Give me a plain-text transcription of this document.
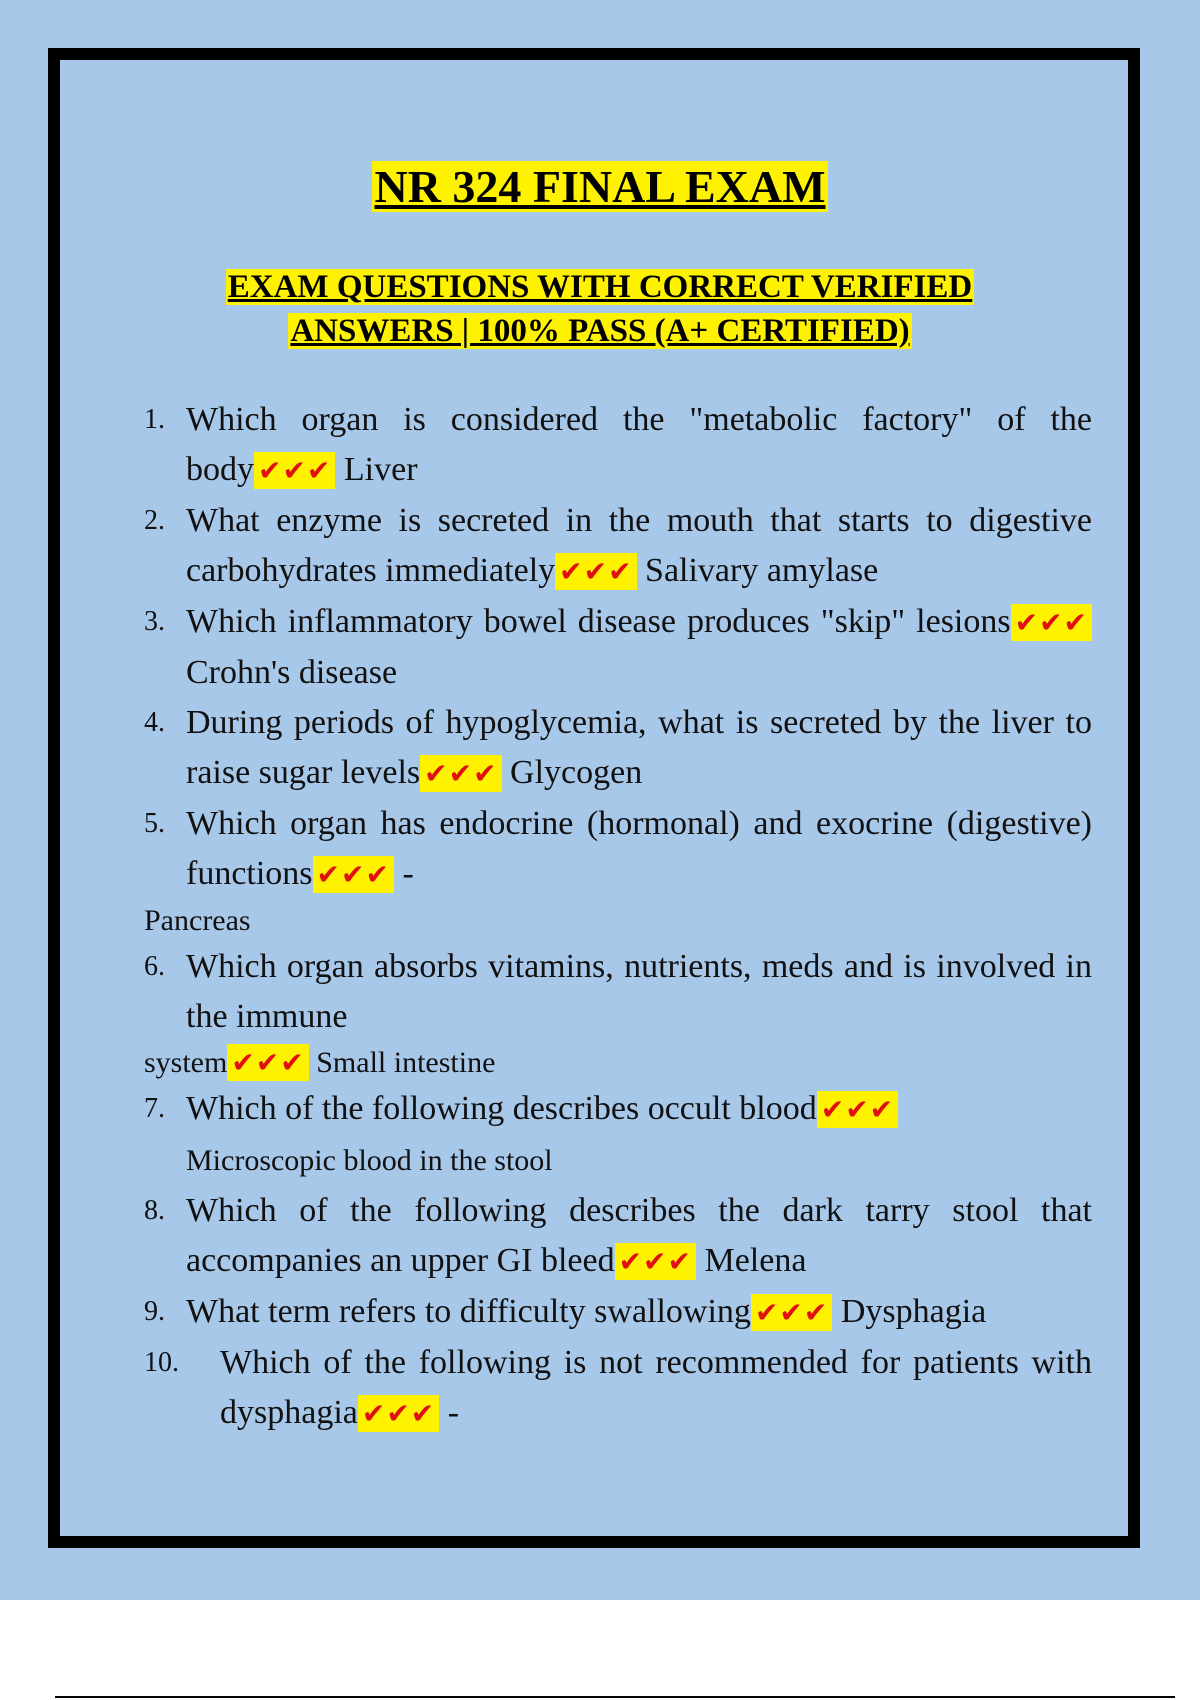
NR 324 FINAL EXAM
EXAM QUESTIONS WITH CORRECT VERIFIED
ANSWERS | 100% PASS (A+ CERTIFIED)
1. Which organ is considered the "metabolic factory" of the body ✔✔✔ Liver
2. What enzyme is secreted in the mouth that starts to digestive carbohydrates immediately ✔✔✔ Salivary amylase
3. Which inflammatory bowel disease produces "skip" lesions ✔✔✔ Crohn's disease
4. During periods of hypoglycemia, what is secreted by the liver to raise sugar levels ✔✔✔ Glycogen
5. Which organ has endocrine (hormonal) and exocrine (digestive) functions ✔✔✔ -
Pancreas
6. Which organ absorbs vitamins, nutrients, meds and is involved in the immune
system ✔✔✔ Small intestine
7. Which of the following describes occult blood ✔✔✔
Microscopic blood in the stool
8. Which of the following describes the dark tarry stool that accompanies an upper GI bleed ✔✔✔ Melena
9. What term refers to difficulty swallowing ✔✔✔ Dysphagia
10. Which of the following is not recommended for patients with dysphagia ✔✔✔ -
